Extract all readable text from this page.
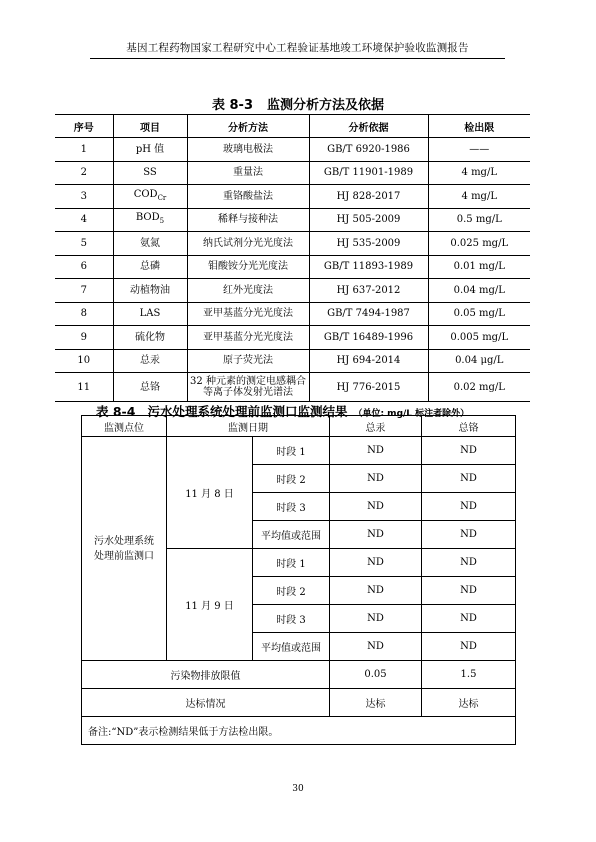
基因工程药物国家工程研究中心工程验证基地竣工环境保护验收监测报告
表 8-3 监测分析方法及依据
序号	项目	分析方法	分析依据	检出限
1	pH 值	玻璃电极法	GB/T 6920-1986	——
2	SS	重量法	GB/T 11901-1989	4 mg/L
3	$COD_{Cr}$	重铬酸盐法	HJ 828-2017	4 mg/L
4	$BOD_5$	稀释与接种法	HJ 505-2009	0.5 mg/L
5	氨氮	纳氏试剂分光光度法	HJ 535-2009	0.025 mg/L
6	总磷	钼酸铵分光光度法	GB/T 11893-1989	0.01 mg/L
7	动植物油	红外光度法	HJ 637-2012	0.04 mg/L
8	LAS	亚甲基蓝分光光度法	GB/T 7494-1987	0.05 mg/L
9	硫化物	亚甲基蓝分光光度法	GB/T 16489-1996	0.005 mg/L
10	总汞	原子荧光法	HJ 694-2014	0.04 μg/L
11	总铬	32 种元素的测定电感耦合
等离子体发射光谱法	HJ 776-2015	0.02 mg/L
表 8-4 污水处理系统处理前监测口监测结果 （单位: mg/L 标注者除外）
监测点位	监测日期		总汞	总铬
污水处理系统
处理前监测口	11 月 8 日	时段 1	ND	ND
		时段 2	ND	ND
		时段 3	ND	ND
		平均值或范围	ND	ND
	11 月 9 日	时段 1	ND	ND
		时段 2	ND	ND
		时段 3	ND	ND
		平均值或范围	ND	ND
污染物排放限值			0.05	1.5
达标情况			达标	达标
备注:“ND”表示检测结果低于方法检出限。				
30
